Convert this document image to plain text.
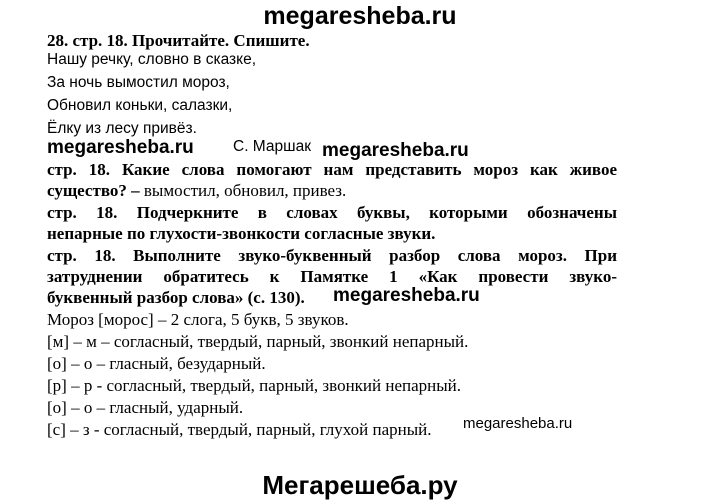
megaresheba.ru
28. стр. 18. Прочитайте. Спишите.
Нашу речку, словно в сказке,
За ночь вымостил мороз,
Обновил коньки, салазки,
Ёлку из лесу привёз.
megaresheba.ru	С. Маршак megaresheba.ru
стр. 18. Какие слова помогают нам представить мороз как живое
существо? – вымостил, обновил, привез.
стр. 18. Подчеркните в словах буквы, которыми обозначены
непарные по глухости-звонкости согласные звуки.
стр. 18. Выполните звуко-буквенный разбор слова мороз. При
затруднении обратитесь к Памятке 1 «Как провести звуко-
буквенный разбор слова» (с. 130). megaresheba.ru
Мороз [морос] – 2 слога, 5 букв, 5 звуков.
[м] – м – согласный, твердый, парный, звонкий непарный.
[о] – о – гласный, безударный.
[р] – р - согласный, твердый, парный, звонкий непарный.
[о] – о – гласный, ударный.
[с] – з - согласный, твердый, парный, глухой парный. megaresheba.ru
Мегарешеба.ру
